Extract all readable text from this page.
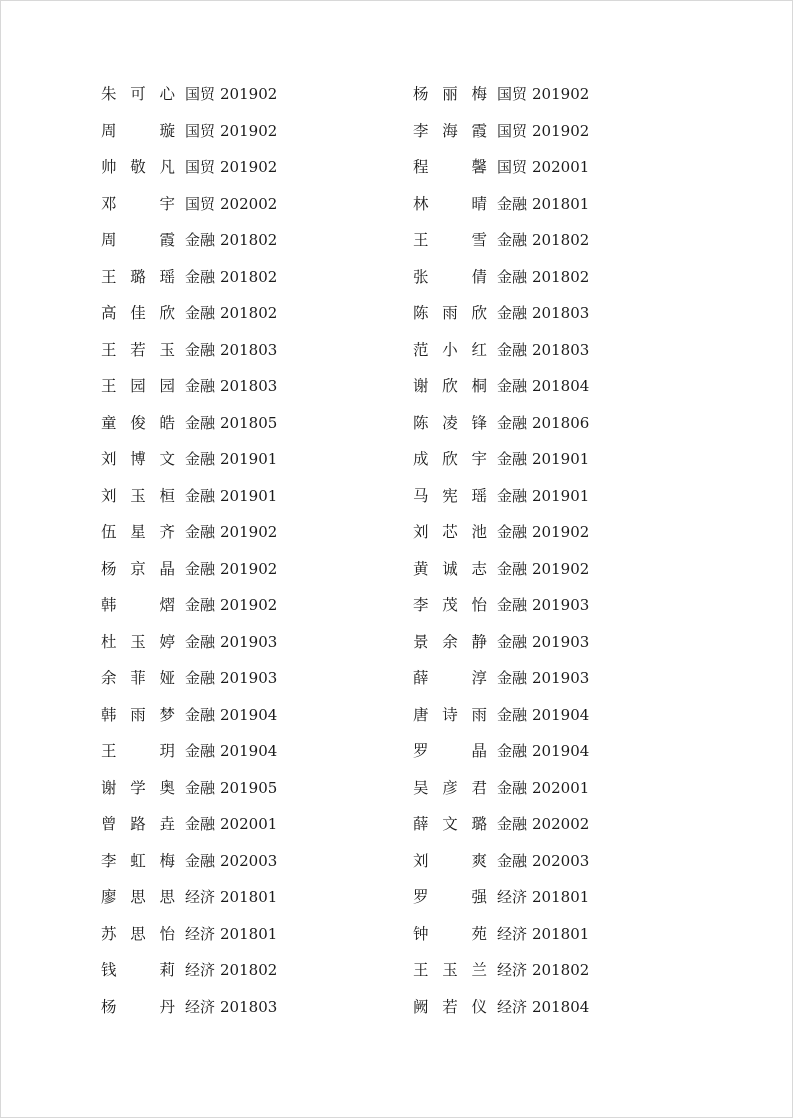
朱可心 国贸 201902	杨丽梅 国贸 201902

周 璇 国贸 201902	李海霞 国贸 201902

帅敬凡 国贸 201902	程 馨 国贸 202001

邓 宇 国贸 202002	林 晴 金融 201801

周 霞 金融 201802	王 雪 金融 201802

王璐瑶 金融 201802	张 倩 金融 201802

高佳欣 金融 201802	陈雨欣 金融 201803

王若玉 金融 201803	范小红 金融 201803

王园园 金融 201803	谢欣桐 金融 201804

童俊皓 金融 201805	陈凌锋 金融 201806

刘博文 金融 201901	成欣宇 金融 201901

刘玉桓 金融 201901	马宪瑶 金融 201901

伍星齐 金融 201902	刘芯池 金融 201902

杨京晶 金融 201902	黄诚志 金融 201902

韩 熠 金融 201902	李茂怡 金融 201903

杜玉婷 金融 201903	景余静 金融 201903

余菲娅 金融 201903	薛 淳 金融 201903

韩雨梦 金融 201904	唐诗雨 金融 201904

王 玥 金融 201904	罗 晶 金融 201904

谢学奥 金融 201905	吴彦君 金融 202001

曾路垚 金融 202001	薛文璐 金融 202002

李虹梅 金融 202003	刘 爽 金融 202003

廖思思 经济 201801	罗 强 经济 201801

苏思怡 经济 201801	钟 苑 经济 201801

钱 莉 经济 201802	王玉兰 经济 201802

杨 丹 经济 201803	阙若仪 经济 201804
